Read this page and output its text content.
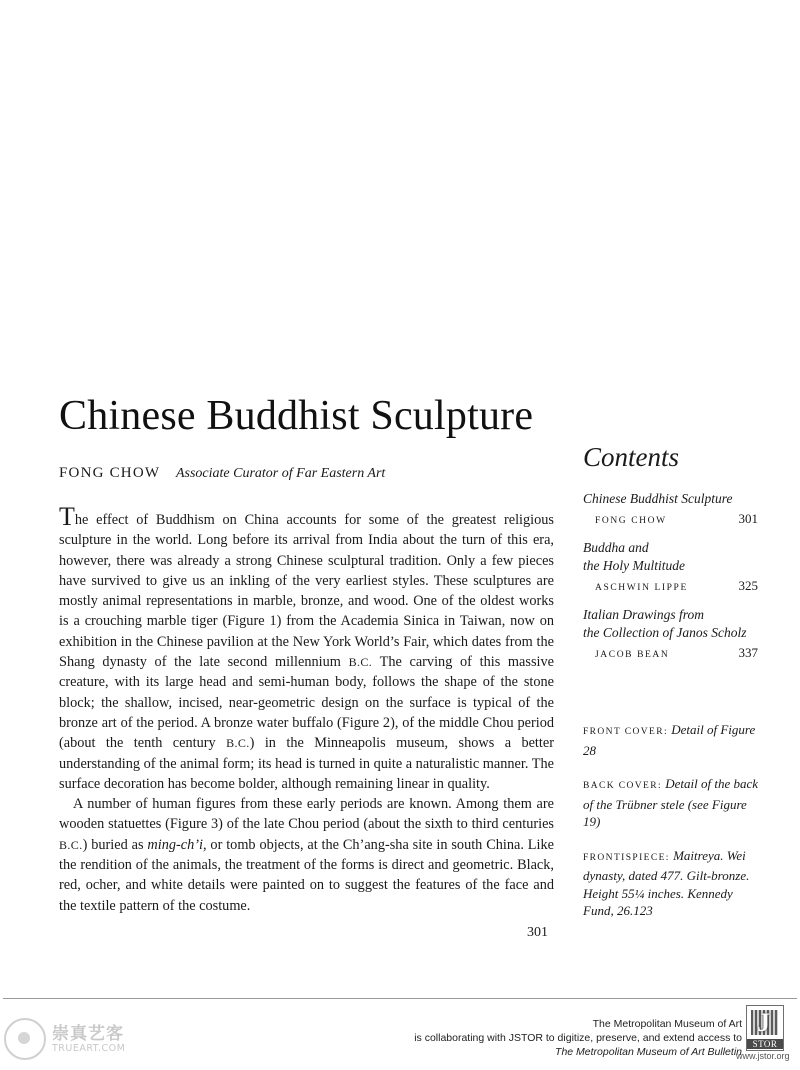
Chinese Buddhist Sculpture
FONG CHOW Associate Curator of Far Eastern Art

The effect of Buddhism on China accounts for some of the greatest religious sculpture in the world. Long before its arrival from India about the turn of this era, however, there was already a strong Chinese sculptural tradition. Only a few pieces have survived to give us an inkling of the very earliest styles. These sculptures are mostly animal representations in marble, bronze, and wood. One of the oldest works is a crouching marble tiger (Figure 1) from the Academia Sinica in Taiwan, now on exhibition in the Chinese pavilion at the New York World’s Fair, which dates from the Shang dynasty of the late second millennium B.C. The carving of this massive creature, with its large head and semi-human body, follows the shape of the stone block; the shallow, incised, near-geometric design on the surface is typical of the bronze art of the period. A bronze water buffalo (Figure 2), of the middle Chou period (about the tenth century B.C.) in the Minneapolis museum, shows a better understanding of the animal form; its head is turned in quite a naturalistic manner. The surface decoration has become bolder, although remaining linear in quality.

A number of human figures from these early periods are known. Among them are wooden statuettes (Figure 3) of the late Chou period (about the sixth to third centuries B.C.) buried as ming-ch’i, or tomb objects, at the Ch’ang-sha site in south China. Like the rendition of the animals, the treatment of the forms is direct and geometric. Black, red, ocher, and white details were painted on to suggest the features of the face and the textile pattern of the costume.

301
Contents
Chinese Buddhist Sculpture
FONG CHOW	301
Buddha and
the Holy Multitude
ASCHWIN LIPPE	325
Italian Drawings from
the Collection of Janos Scholz
JACOB BEAN	337
FRONT COVER: Detail of Figure 28
BACK COVER: Detail of the back of the Trübner stele (see Figure 19)
FRONTISPIECE: Maitreya. Wei dynasty, dated 477. Gilt-bronze. Height 55¼ inches. Kennedy Fund, 26.123
崇真艺客
TRUEART.COM
The Metropolitan Museum of Art
is collaborating with JSTOR to digitize, preserve, and extend access to
The Metropolitan Museum of Art Bulletin
J
STOR
www.jstor.org
